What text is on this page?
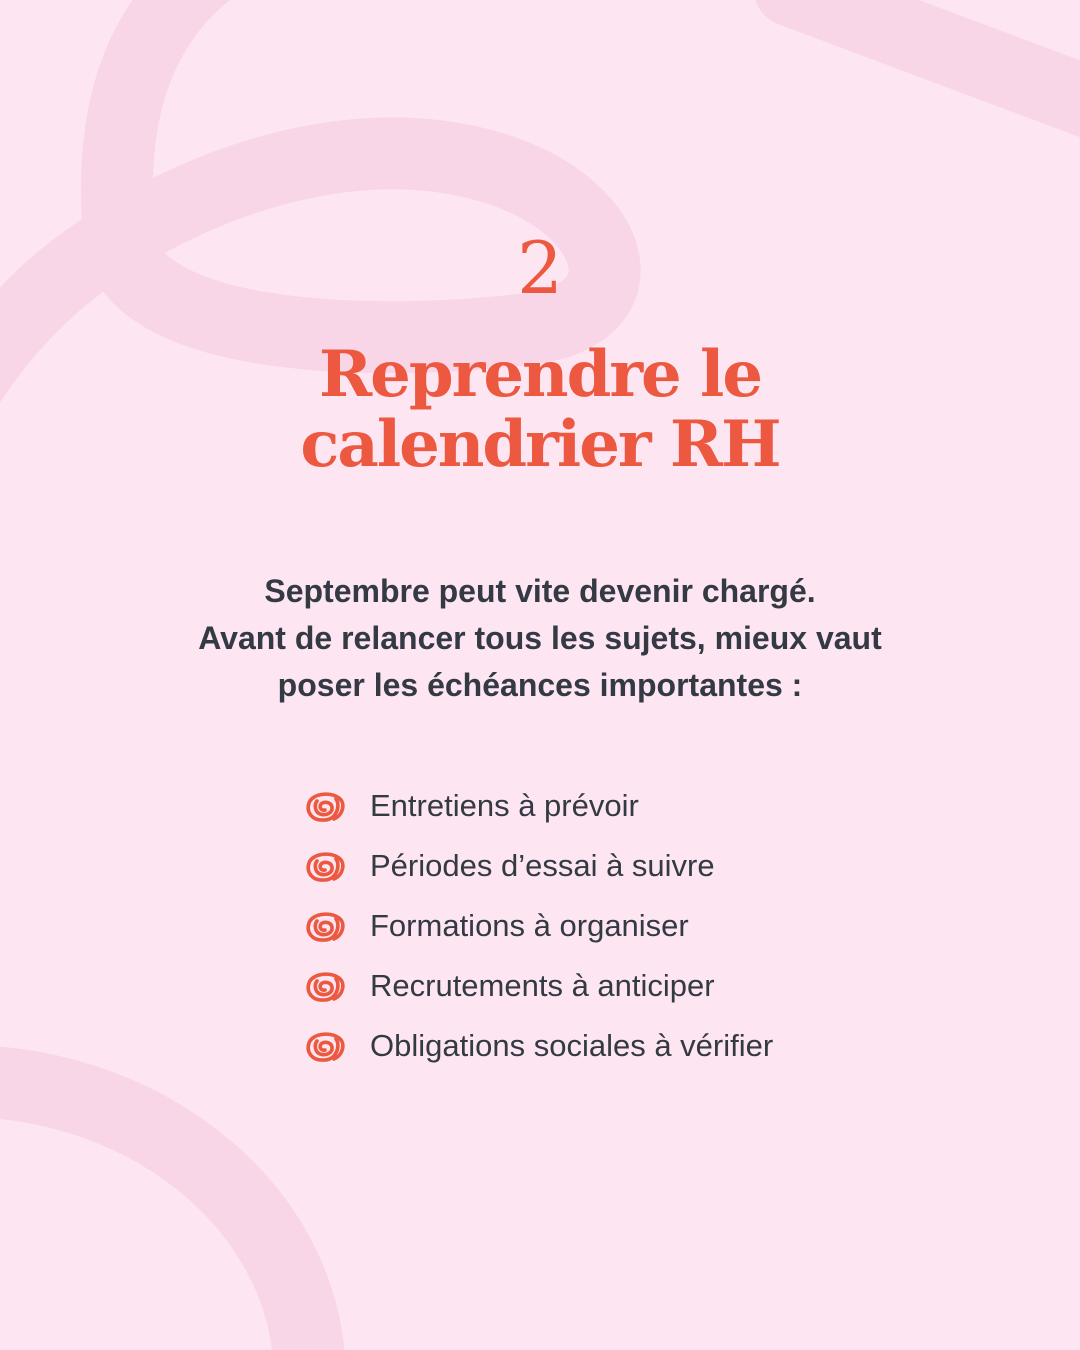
2
Reprendre le
calendrier RH
Septembre peut vite devenir chargé.
Avant de relancer tous les sujets, mieux vaut
poser les échéances importantes :
Entretiens à prévoir
Périodes d’essai à suivre
Formations à organiser
Recrutements à anticiper
Obligations sociales à vérifier
